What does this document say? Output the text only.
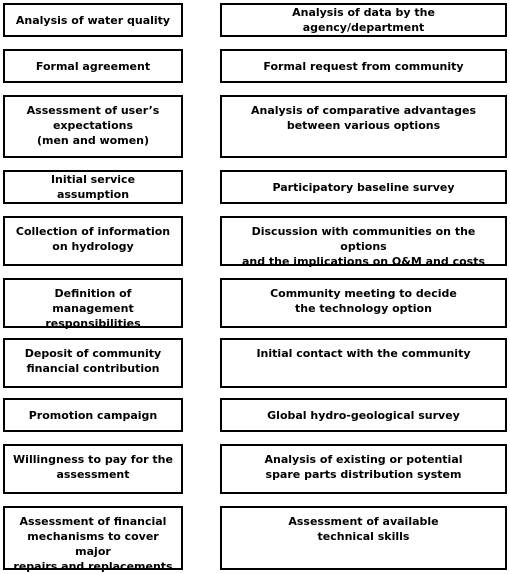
Analysis of water quality
Formal agreement
Assessment of user’s
expectations
(men and women)
Initial service assumption
Collection of information
on hydrology
Definition of management
responsibilities
Deposit of community
financial contribution
Promotion campaign
Willingness to pay for the
assessment
Assessment of financial
mechanisms to cover major
repairs and replacements
Analysis of data by the agency/department
Formal request from community
Analysis of comparative advantages
between various options
Participatory baseline survey
Discussion with communities on the options
and the implications on O&M and costs
Community meeting to decide
the technology option
Initial contact with the community
Global hydro-geological survey
Analysis of existing or potential
spare parts distribution system
Assessment of available
technical skills
